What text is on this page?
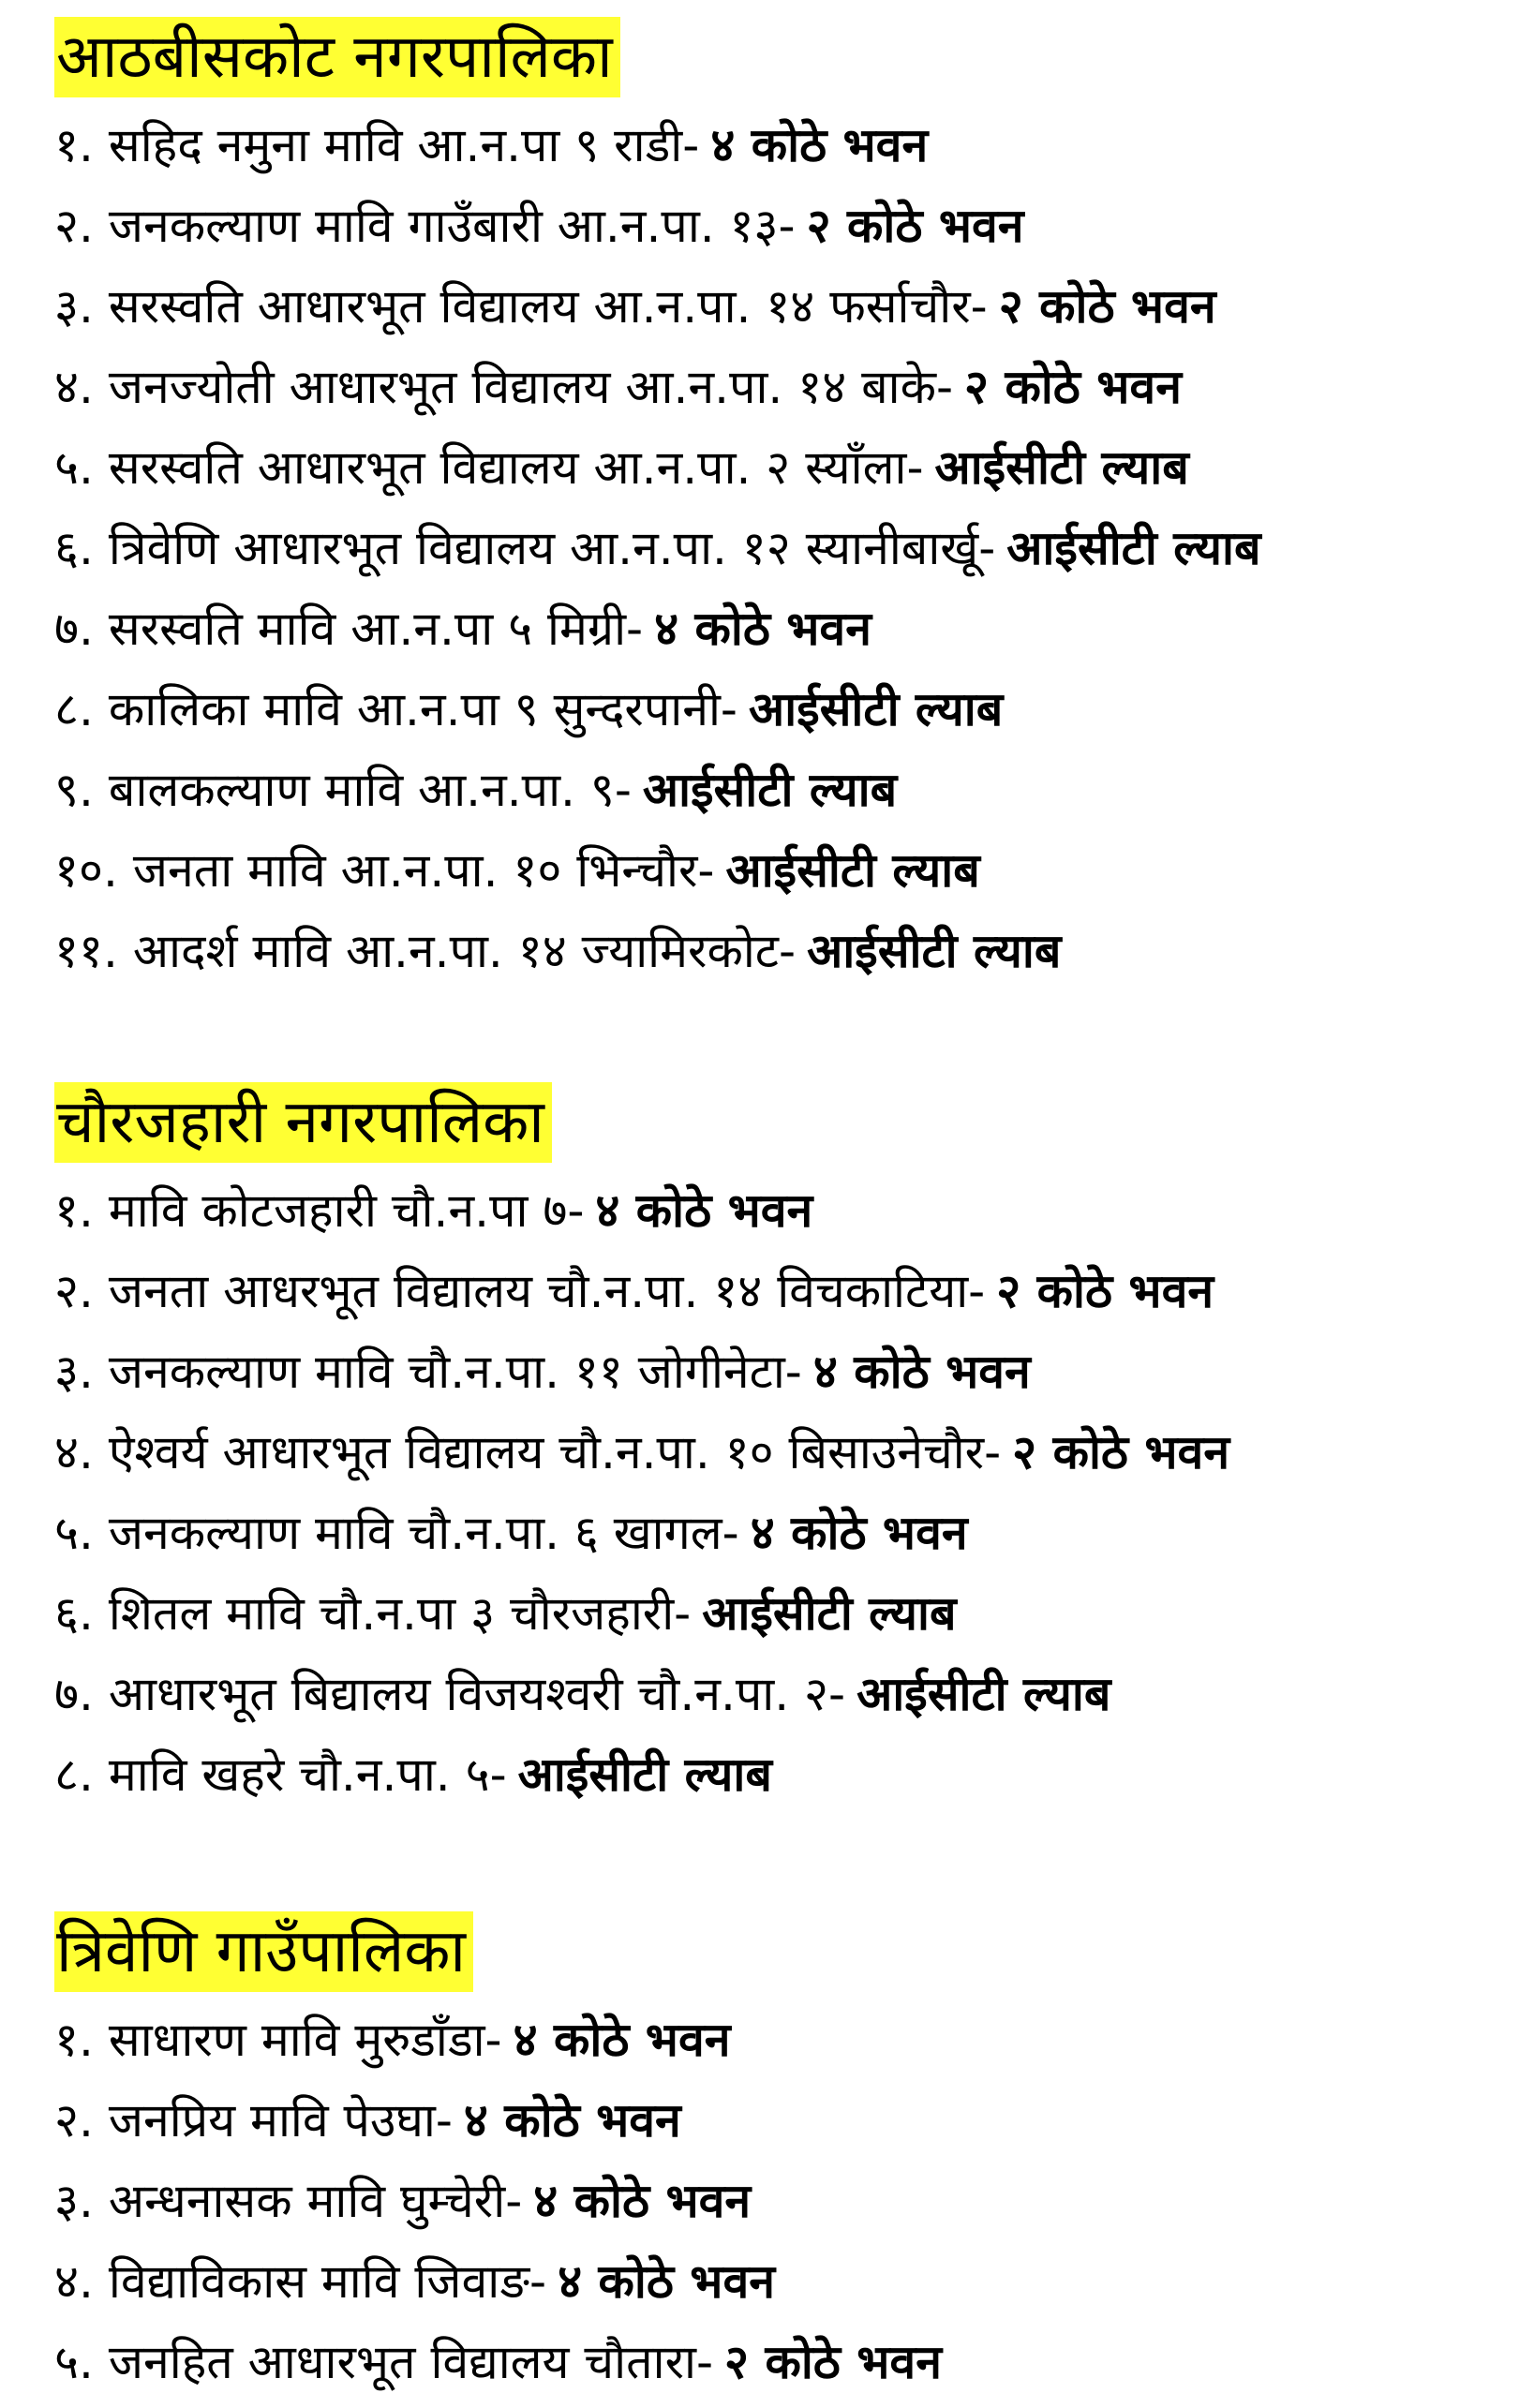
आठबीसकोट नगरपालिका
१. सहिद नमुना मावि आ.न.पा ९ राडी- ४ कोठे भवन
२. जनकल्याण मावि गाउँबारी आ.न.पा. १३- २ कोठे भवन
३. सरस्वति आधारभूत विद्यालय आ.न.पा. १४ फर्साचौर- २ कोठे भवन
४. जनज्योती आधारभूत विद्यालय आ.न.पा. १४ बाके- २ कोठे भवन
५. सरस्वति आधारभूत विद्यालय आ.न.पा. २ स्याँला- आईसीटी ल्याब
६. त्रिवेणि आधारभूत विद्यालय आ.न.पा. १२ स्यानीबार्खू- आईसीटी ल्याब
७. सरस्वति मावि आ.न.पा ५ मिग्री- ४ कोठे भवन
८. कालिका मावि आ.न.पा ९ सुन्दरपानी- आईसीटी ल्याब
९. बालकल्याण मावि आ.न.पा. ९- आईसीटी ल्याब
१०. जनता मावि आ.न.पा. १० भिन्चौर- आईसीटी ल्याब
११. आदर्श मावि आ.न.पा. १४ ज्यामिरकोट- आईसीटी ल्याब
चौरजहारी नगरपालिका
१. मावि कोटजहारी चौ.न.पा ७- ४ कोठे भवन
२. जनता आधरभूत विद्यालय चौ.न.पा. १४ विचकाटिया- २ कोठे भवन
३. जनकल्याण मावि चौ.न.पा. ११ जोगीनेटा- ४ कोठे भवन
४. ऐश्वर्य आधारभूत विद्यालय चौ.न.पा. १० बिसाउनेचौर- २ कोठे भवन
५. जनकल्याण मावि चौ.न.पा. ६ खागल- ४ कोठे भवन
६. शितल मावि चौ.न.पा ३ चौरजहारी- आईसीटी ल्याब
७. आधारभूत बिद्यालय विजयश्वरी चौ.न.पा. २- आईसीटी ल्याब
८. मावि खहरे चौ.न.पा. ५- आईसीटी ल्याब
त्रिवेणि गाउँपालिका
१. साधारण मावि मुरुडाँडा- ४ कोठे भवन
२. जनप्रिय मावि पेउघा- ४ कोठे भवन
३. अन्धनासक मावि घुम्चेरी- ४ कोठे भवन
४. विद्याविकास मावि जिवाङ- ४ कोठे भवन
५. जनहित आधारभूत विद्यालय चौतारा- २ कोठे भवन
